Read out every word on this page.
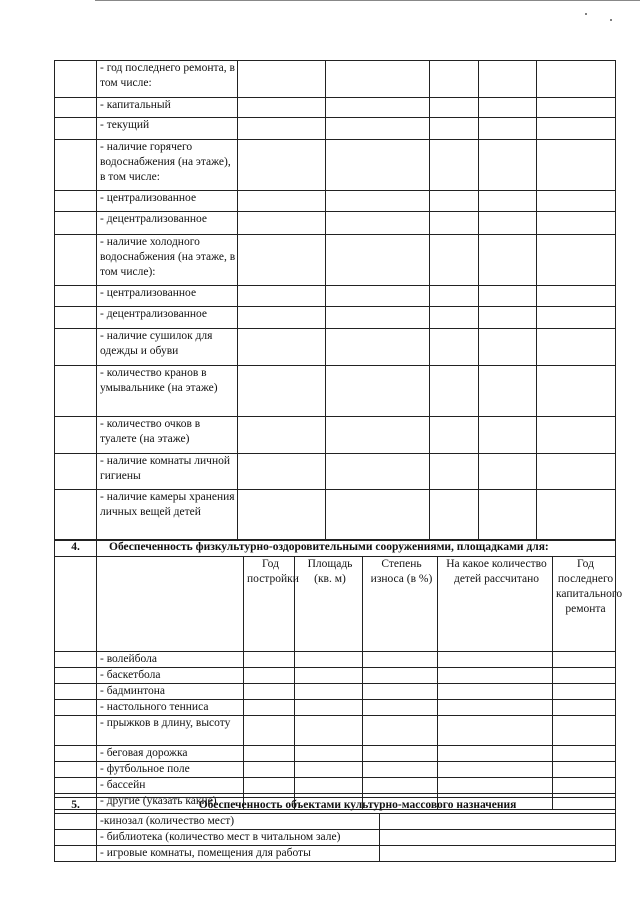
	- год последнего ремонта, в том числе:					
	- капитальный					
	- текущий					
	- наличие горячего водоснабжения (на этаже), в том числе:					
	- централизованное					
	- децентрализованное					
	- наличие холодного водоснабжения (на этаже, в том числе):					
	- централизованное					
	- децентрализованное					
	- наличие сушилок для одежды и обуви					
	- количество кранов в умывальнике (на этаже)					
	- количество очков в туалете (на этаже)					
	- наличие комнаты личной гигиены					
	- наличие камеры хранения личных вещей детей					
4.	Обеспеченность физкультурно-оздоровительными сооружениями, площадками для:					
		Год постройки	Площадь (кв. м)	Степень износа (в %)	На какое количество детей рассчитано	Год последнего капитального ремонта
	- волейбола					
	- баскетбола					
	- бадминтона					
	- настольного тенниса					
	- прыжков в длину, высоту					
	- беговая дорожка					
	- футбольное поле					
	- бассейн					
	- другие (указать какие)					
5.	Обеспеченность объектами культурно-массового назначения	
	-кинозал (количество мест)	
	- библиотека (количество мест в читальном зале)	
	- игровые комнаты, помещения для работы	
